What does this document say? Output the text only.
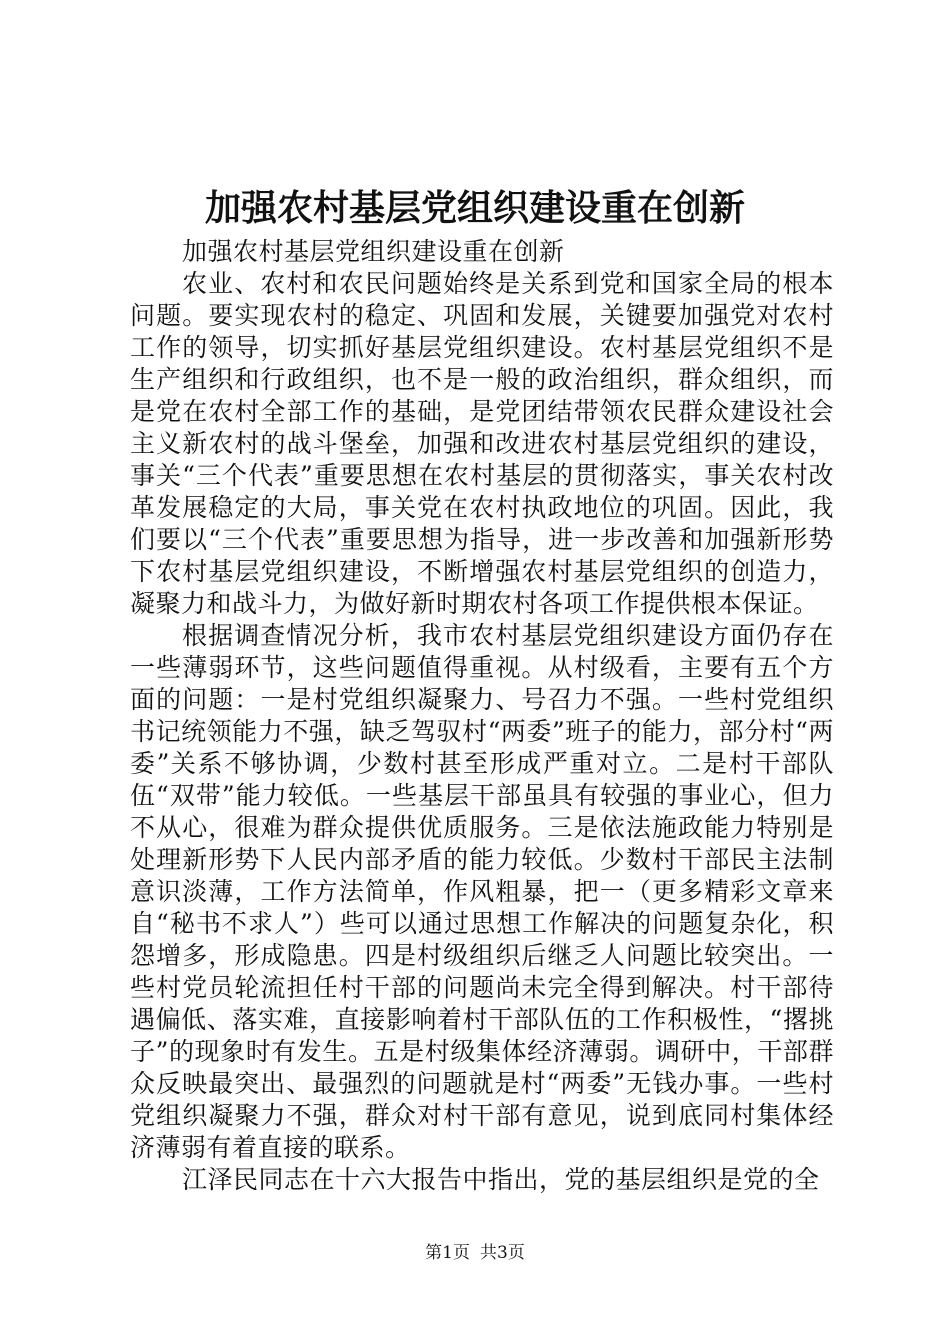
加强农村基层党组织建设重在创新

加强农村基层党组织建设重在创新

农业、农村和农民问题始终是关系到党和国家全局的根本问题。要实现农村的稳定、巩固和发展，关键要加强党对农村工作的领导，切实抓好基层党组织建设。农村基层党组织不是生产组织和行政组织，也不是一般的政治组织，群众组织，而是党在农村全部工作的基础，是党团结带领农民群众建设社会主义新农村的战斗堡垒，加强和改进农村基层党组织的建设，事关“三个代表”重要思想在农村基层的贯彻落实，事关农村改革发展稳定的大局，事关党在农村执政地位的巩固。因此，我们要以“三个代表”重要思想为指导，进一步改善和加强新形势下农村基层党组织建设，不断增强农村基层党组织的创造力，凝聚力和战斗力，为做好新时期农村各项工作提供根本保证。

根据调查情况分析，我市农村基层党组织建设方面仍存在一些薄弱环节，这些问题值得重视。从村级看，主要有五个方面的问题：一是村党组织凝聚力、号召力不强。一些村党组织书记统领能力不强，缺乏驾驭村“两委”班子的能力，部分村“两委”关系不够协调，少数村甚至形成严重对立。二是村干部队伍“双带”能力较低。一些基层干部虽具有较强的事业心，但力不从心，很难为群众提供优质服务。三是依法施政能力特别是处理新形势下人民内部矛盾的能力较低。少数村干部民主法制意识淡薄，工作方法简单，作风粗暴，把一（更多精彩文章来自“秘书不求人”）些可以通过思想工作解决的问题复杂化，积怨增多，形成隐患。四是村级组织后继乏人问题比较突出。一些村党员轮流担任村干部的问题尚未完全得到解决。村干部待遇偏低、落实难，直接影响着村干部队伍的工作积极性，“撂挑子”的现象时有发生。五是村级集体经济薄弱。调研中，干部群众反映最突出、最强烈的问题就是村“两委”无钱办事。一些村党组织凝聚力不强，群众对村干部有意见，说到底同村集体经济薄弱有着直接的联系。

江泽民同志在十六大报告中指出，党的基层组织是党的全

第1页 共3页
